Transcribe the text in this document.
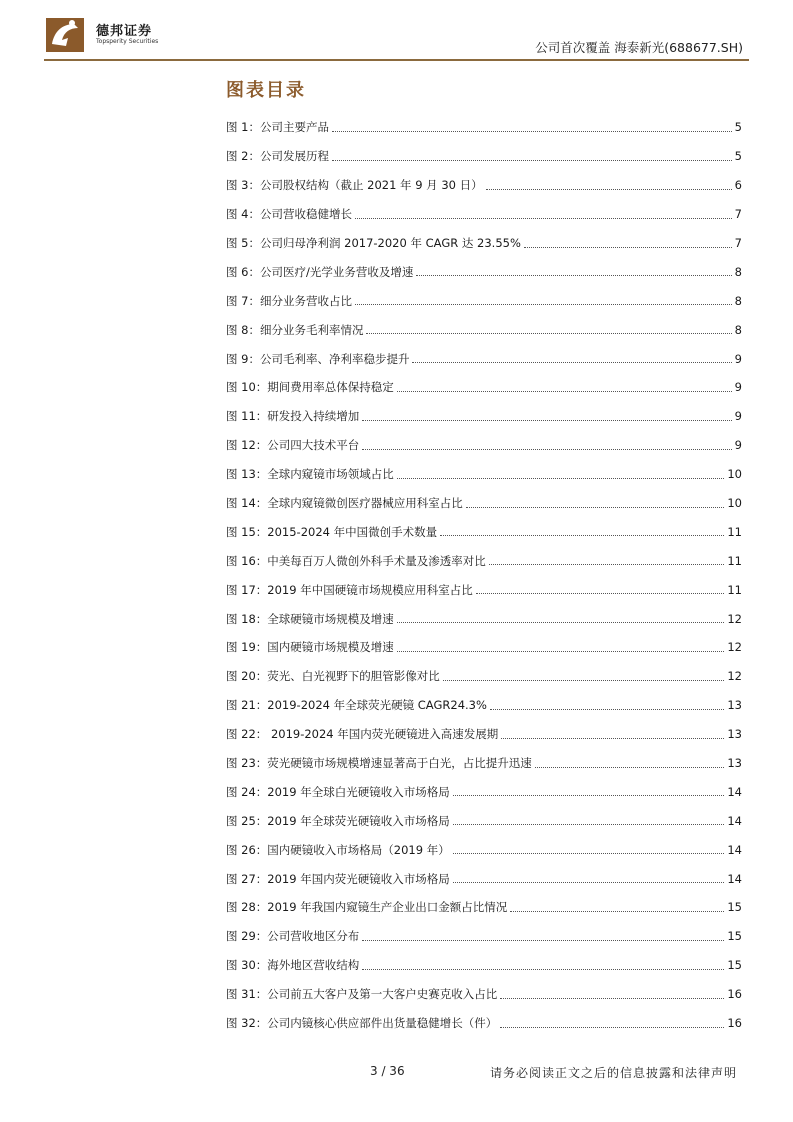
德邦证券
Topsperity Securities	公司首次覆盖 海泰新光(688677.SH)
图表目录
图 1：公司主要产品	5
图 2：公司发展历程	5
图 3：公司股权结构（截止 2021 年 9 月 30 日）	6
图 4：公司营收稳健增长	7
图 5：公司归母净利润 2017-2020 年 CAGR 达 23.55%	7
图 6：公司医疗/光学业务营收及增速	8
图 7：细分业务营收占比	8
图 8：细分业务毛利率情况	8
图 9：公司毛利率、净利率稳步提升	9
图 10：期间费用率总体保持稳定	9
图 11：研发投入持续增加	9
图 12：公司四大技术平台	9
图 13：全球内窥镜市场领域占比	10
图 14：全球内窥镜微创医疗器械应用科室占比	10
图 15：2015-2024 年中国微创手术数量	11
图 16：中美每百万人微创外科手术量及渗透率对比	11
图 17：2019 年中国硬镜市场规模应用科室占比	11
图 18：全球硬镜市场规模及增速	12
图 19：国内硬镜市场规模及增速	12
图 20：荧光、白光视野下的胆管影像对比	12
图 21：2019-2024 年全球荧光硬镜 CAGR24.3%	13
图 22： 2019-2024 年国内荧光硬镜进入高速发展期	13
图 23：荧光硬镜市场规模增速显著高于白光，占比提升迅速	13
图 24：2019 年全球白光硬镜收入市场格局	14
图 25：2019 年全球荧光硬镜收入市场格局	14
图 26：国内硬镜收入市场格局（2019 年）	14
图 27：2019 年国内荧光硬镜收入市场格局	14
图 28：2019 年我国内窥镜生产企业出口金额占比情况	15
图 29：公司营收地区分布	15
图 30：海外地区营收结构	15
图 31：公司前五大客户及第一大客户史赛克收入占比	16
图 32：公司内镜核心供应部件出货量稳健增长（件）	16
3 / 36	请务必阅读正文之后的信息披露和法律声明
